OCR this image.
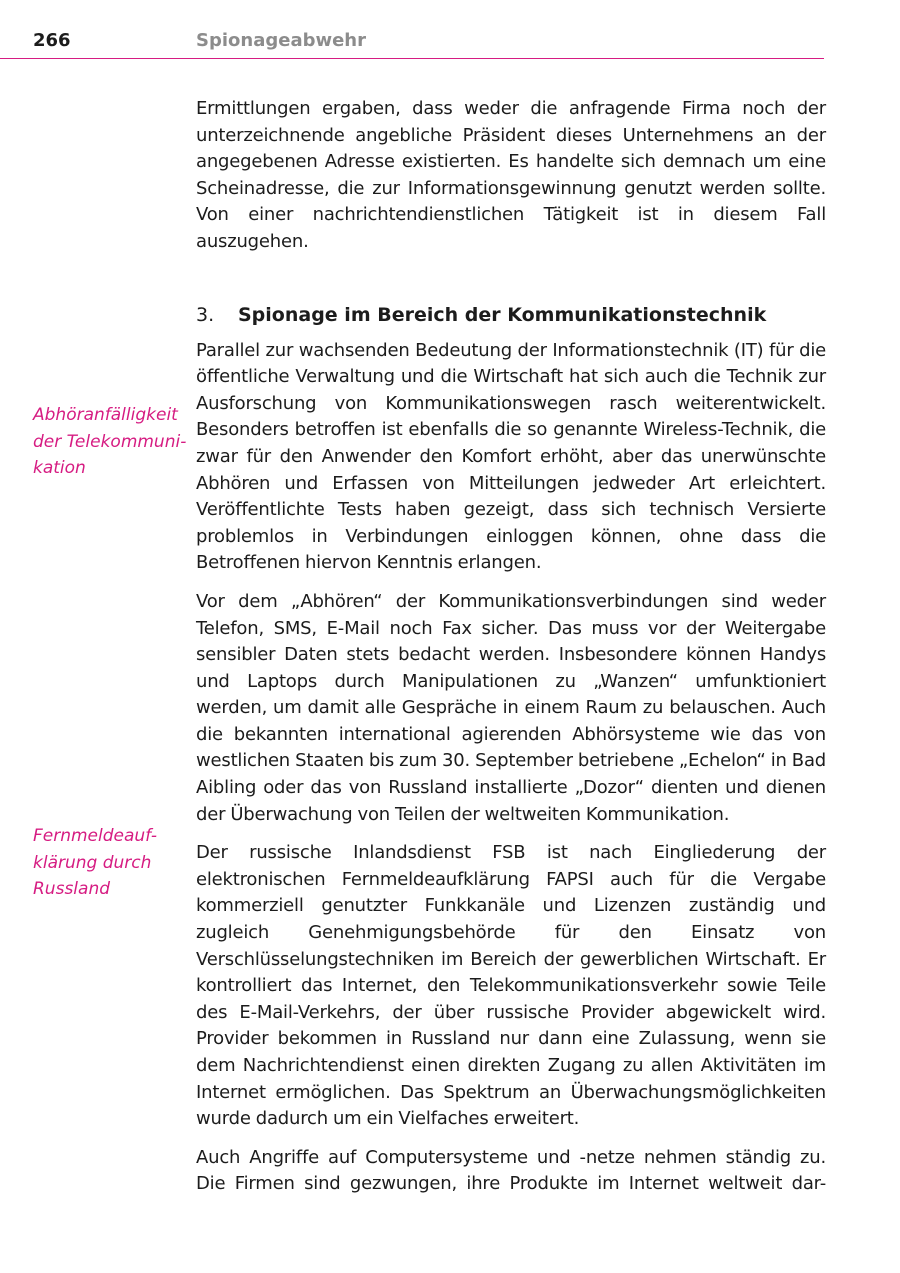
266	Spionageabwehr
Abhöranfälligkeit
der Telekommuni-
kation
Fernmeldeauf-
klärung durch
Russland

Ermittlungen ergaben, dass weder die anfragende Firma noch der unterzeichnende angebliche Präsident dieses Unternehmens an der angegebenen Adresse existierten. Es handelte sich demnach um eine Scheinadresse, die zur Informationsgewinnung genutzt werden sollte. Von einer nachrichtendienstlichen Tätigkeit ist in diesem Fall auszugehen.

3.	Spionage im Bereich der Kommunikationstechnik

Parallel zur wachsenden Bedeutung der Informationstechnik (IT) für die öffentliche Verwaltung und die Wirtschaft hat sich auch die Technik zur Ausforschung von Kommunikationswegen rasch weiterentwickelt. Besonders betroffen ist ebenfalls die so genannte Wireless-Technik, die zwar für den Anwender den Komfort erhöht, aber das unerwünschte Abhören und Erfassen von Mitteilungen jedweder Art erleichtert. Veröffentlichte Tests haben gezeigt, dass sich technisch Versierte problemlos in Verbindungen einloggen können, ohne dass die Betroffenen hiervon Kenntnis erlangen.

Vor dem „Abhören“ der Kommunikationsverbindungen sind weder Telefon, SMS, E-Mail noch Fax sicher. Das muss vor der Weitergabe sensibler Daten stets bedacht werden. Insbesondere können Handys und Laptops durch Manipulationen zu „Wanzen“ umfunktioniert werden, um damit alle Gespräche in einem Raum zu belauschen. Auch die bekannten international agierenden Abhörsysteme wie das von westlichen Staaten bis zum 30. September betriebene „Echelon“ in Bad Aibling oder das von Russland installierte „Dozor“ dienten und dienen der Überwachung von Teilen der weltweiten Kommunikation.

Der russische Inlandsdienst FSB ist nach Eingliederung der elektronischen Fernmeldeaufklärung FAPSI auch für die Vergabe kommerziell genutzter Funkkanäle und Lizenzen zuständig und zugleich Genehmigungsbehörde für den Einsatz von Verschlüsselungstechniken im Bereich der gewerblichen Wirtschaft. Er kontrolliert das Internet, den Telekommunikationsverkehr sowie Teile des E-Mail-Verkehrs, der über russische Provider abgewickelt wird. Provider bekommen in Russland nur dann eine Zulassung, wenn sie dem Nachrichtendienst einen direkten Zugang zu allen Aktivitäten im Internet ermöglichen. Das Spektrum an Überwachungsmöglichkeiten wurde dadurch um ein Vielfaches erweitert.

Auch Angriffe auf Computersysteme und -netze nehmen ständig zu. Die Firmen sind gezwungen, ihre Produkte im Internet weltweit dar-
